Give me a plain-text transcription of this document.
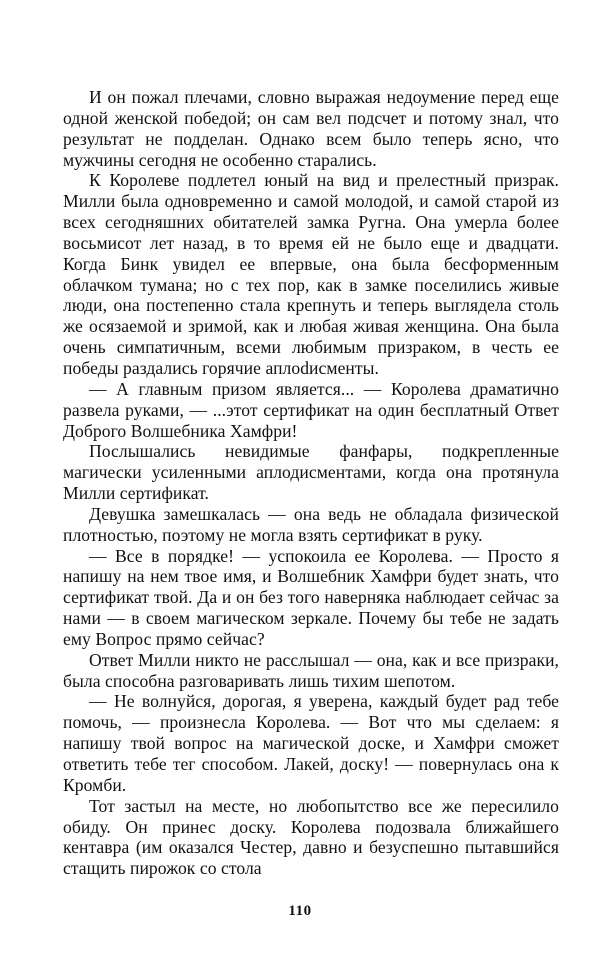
И он пожал плечами, словно выражая недоумение перед еще одной женской победой; он сам вел подсчет и потому знал, что результат не подделан. Однако всем было теперь ясно, что мужчины сегодня не особенно старались.

К Королеве подлетел юный на вид и прелестный призрак. Милли была одновременно и самой молодой, и самой старой из всех сегодняшних обитателей замка Ругна. Она умерла более восьмисот лет назад, в то время ей не было еще и двадцати. Когда Бинк увидел ее впервые, она была бесформенным облачком тумана; но с тех пор, как в замке поселились живые люди, она постепенно стала крепнуть и теперь выглядела столь же осязаемой и зримой, как и любая живая женщина. Она была очень симпатичным, всеми любимым призраком, в честь ее победы раздались горячие аплоdисменты.

— А главным призом является... — Королева драматично развела руками, — ...этот сертификат на один бесплатный Ответ Доброго Волшебника Хамфри!

Послышались невидимые фанфары, подкрепленные магически усиленными аплодисментами, когда она протянула Милли сертификат.

Девушка замешкалась — она ведь не обладала физической плотностью, поэтому не могла взять сертификат в руку.

— Все в порядке! — успокоила ее Королева. — Просто я напишу на нем твое имя, и Волшебник Хамфри будет знать, что сертификат твой. Да и он без того наверняка наблюдает сейчас за нами — в своем магическом зеркале. Почему бы тебе не задать ему Вопрос прямо сейчас?

Ответ Милли никто не расслышал — она, как и все призраки, была способна разговаривать лишь тихим шепотом.

— Не волнуйся, дорогая, я уверена, каждый будет рад тебе помочь, — произнесла Королева. — Вот что мы сделаем: я напишу твой вопрос на магической доске, и Хамфри сможет ответить тебе тег способом. Лакей, доску! — повернулась она к Кромби.

Тот застыл на месте, но любопытство все же пересилило обиду. Он принес доску. Королева подозвала ближайшего кентавра (им оказался Честер, давно и безуспешно пытавшийся стащить пирожок со стола

110
